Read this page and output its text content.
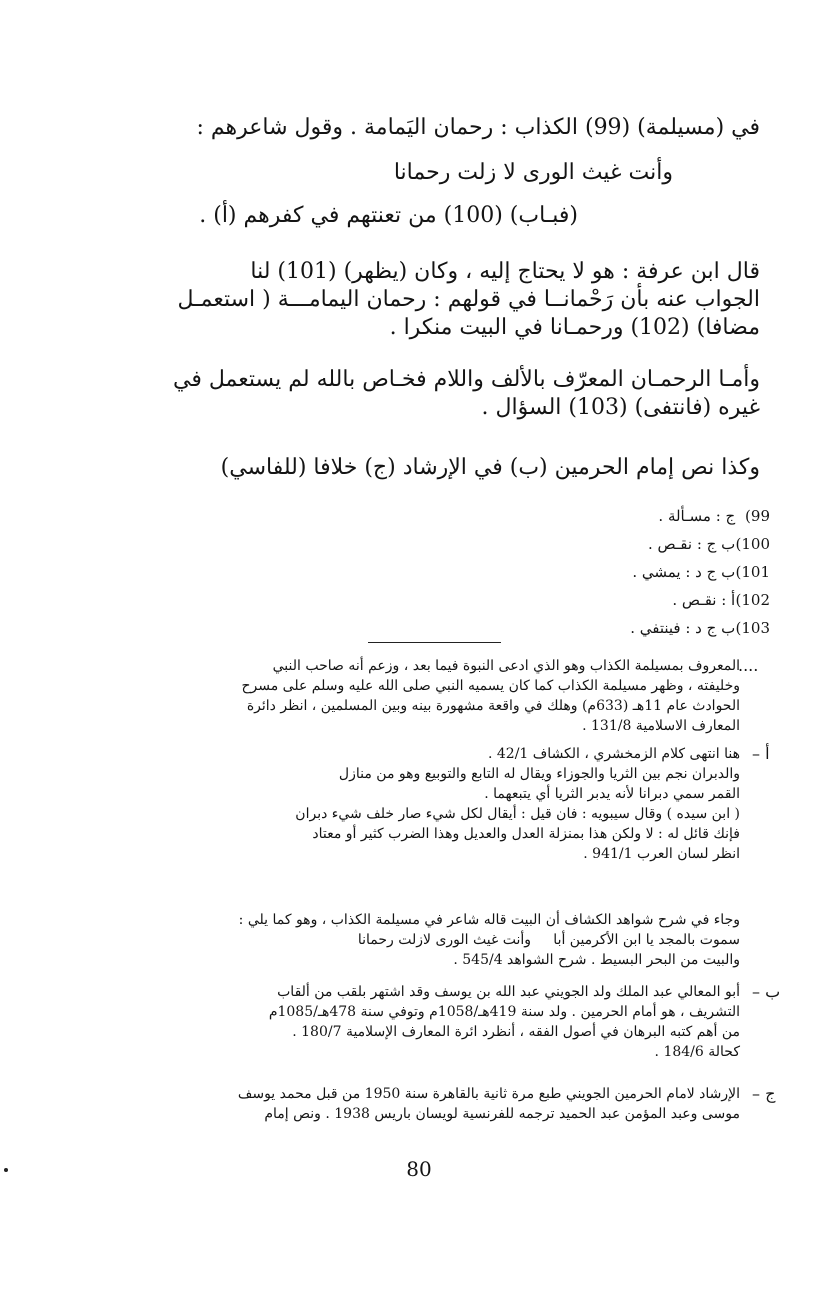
في (مسيلمة) (99) الكذاب : رحمان اليَمامة . وقول شاعرهم :
وأنت غيث الورى لا زلت رحمانا
(فبـاب) (100) من تعنتهم في كفرهم (أ) .
قال ابن عرفة : هو لا يحتاج إليه ، وكان (يظهر) (101) لنا
الجواب عنه بأن رَحْمانــا في قولهم : رحمان اليمامـــة ( استعمـل
مضافا) (102) ورحمـانا في البيت منكرا .
وأمـا الرحمـان المعرّف بالألف واللام فخـاص بالله لم يستعمل في
غيره (فانتفى) (103) السؤال .
وكذا نص إمام الحرمين (ب) في الإرشاد (ج) خلافا (للفاسي)
99) ج : مسـألة .
100) ب ج : نقـص .
101) ب ج د : يمشي .
102) أ : نقـص .
103) ب ج د : فينتفي .
....
المعروف بمسيلمة الكذاب وهو الذي ادعى النبوة فيما بعد ، وزعم أنه صاحب النبي
وخليفته ، وظهر مسيلمة الكذاب كما كان يسميه النبي صلى الله عليه وسلم على مسرح
الحوادث عام 11هـ (633م) وهلك في واقعة مشهورة بينه وبين المسلمين ، انظر دائرة
المعارف الاسلامية 131/8 .
أ –
هنا انتهى كلام الزمخشري ، الكشاف 42/1 .
والدبران نجم بين الثريا والجوزاء ويقال له التابع والتوبيع وهو من منازل
القمر سمي دبرانا لأنه يدبر الثريا أي يتبعهما .
( ابن سيده ) وقال سيبويه : فان قيل : أيقال لكل شيء صار خلف شيء دبران
فإنك قائل له : لا ولكن هذا بمنزلة العدل والعديل وهذا الضرب كثير أو معتاد
انظر لسان العرب 941/1 .
وجاء في شرح شواهد الكشاف أن البيت قاله شاعر في مسيلمة الكذاب ، وهو كما يلي :
سموت بالمجد يا ابن الأكرمين أبا     وأنت غيث الورى لازلت رحمانا
والبيت من البحر البسيط . شرح الشواهد 545/4 .
ب –
أبو المعالي عبد الملك ولد الجويني عبد الله بن يوسف وقد اشتهر بلقب من ألقاب
التشريف ، هو أمام الحرمين . ولد سنة 419هـ/1058م وتوفي سنة 478هـ/1085م
من أهم كتبه البرهان في أصول الفقه ، أنظرد ائرة المعارف الإسلامية 180/7 .
كحالة 184/6 .
ج –
الإرشاد لامام الحرمين الجويني طبع مرة ثانية بالقاهرة سنة 1950 من قبل محمد يوسف
موسى وعبد المؤمن عبد الحميد ترجمه للفرنسية لويسان باريس 1938 . ونص إمام
80
